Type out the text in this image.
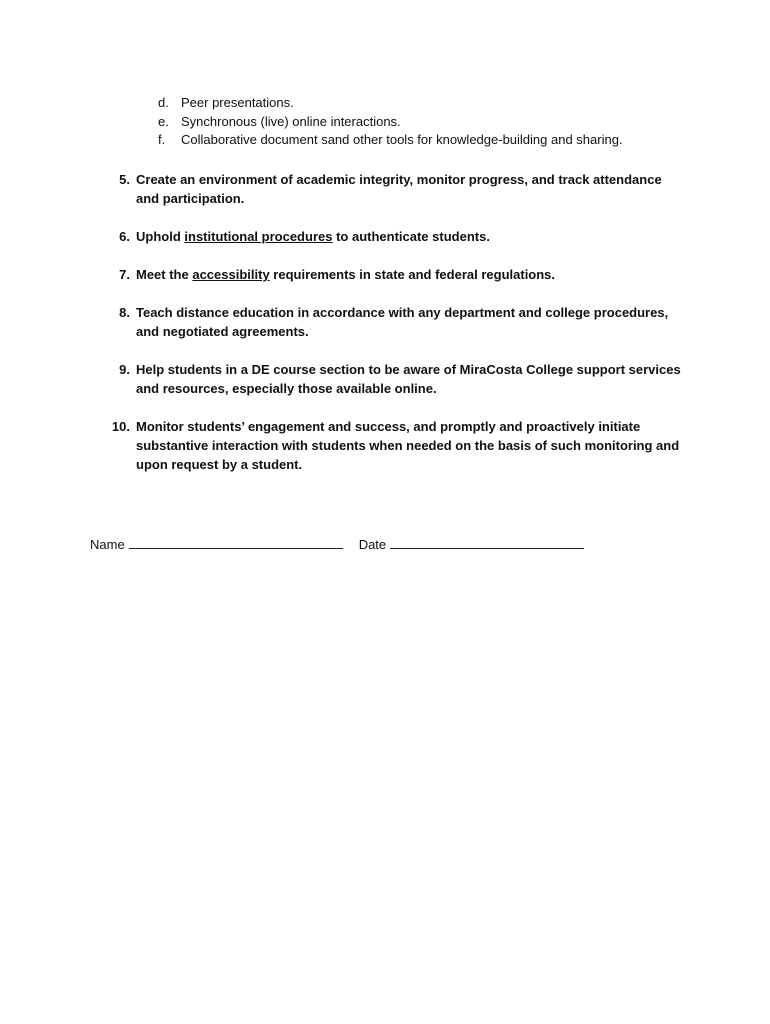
d. Peer presentations.
e. Synchronous (live) online interactions.
f.	Collaborative document sand other tools for knowledge-building and sharing.
5. Create an environment of academic integrity, monitor progress, and track attendance and participation.
6. Uphold institutional procedures to authenticate students.
7. Meet the accessibility requirements in state and federal regulations.
8. Teach distance education in accordance with any department and college procedures, and negotiated agreements.
9. Help students in a DE course section to be aware of MiraCosta College support services and resources, especially those available online.
10. Monitor students’ engagement and success, and promptly and proactively initiate substantive interaction with students when needed on the basis of such monitoring and upon request by a student.
Name	Date
